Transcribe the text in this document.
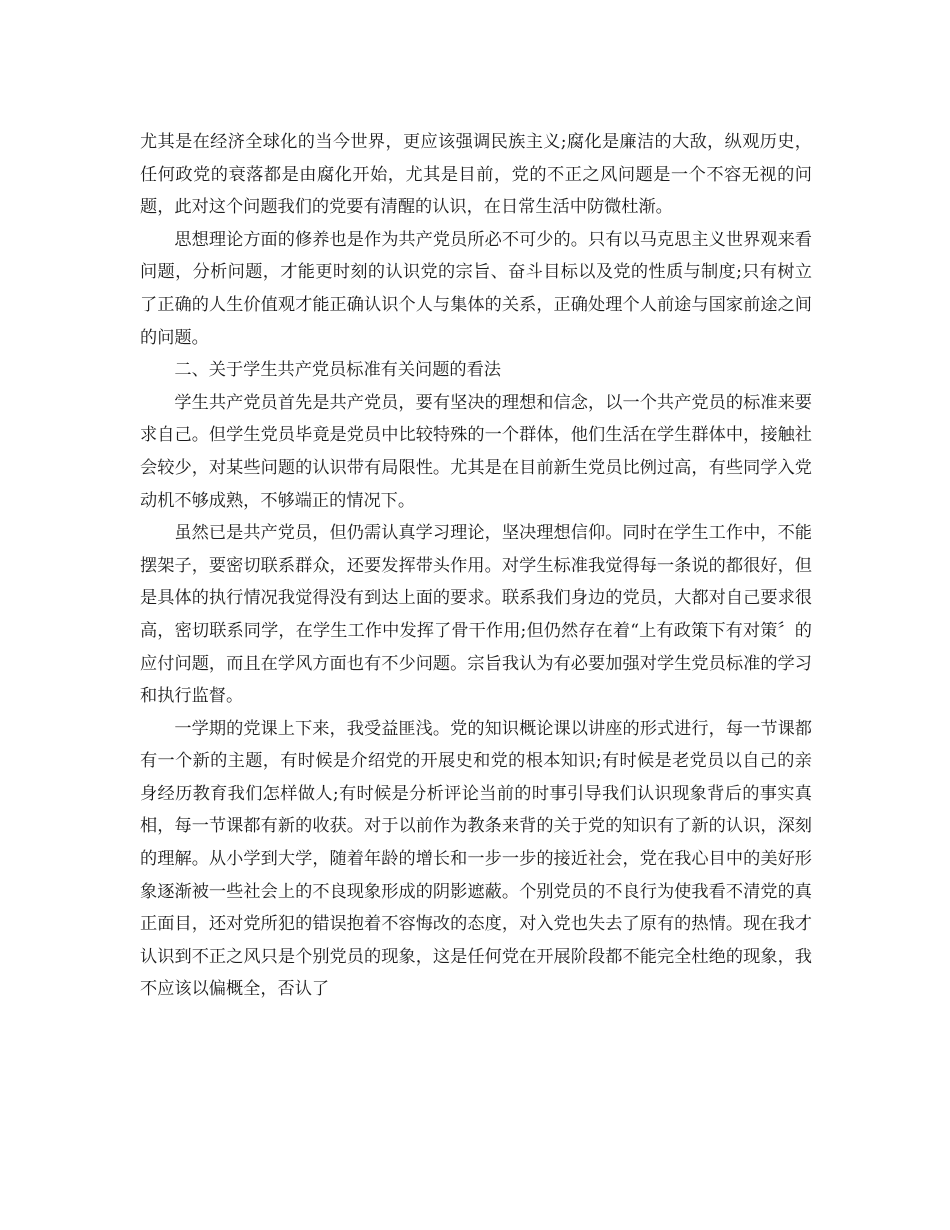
尤其是在经济全球化的当今世界，更应该强调民族主义;腐化是廉洁的大敌，纵观历史，任何政党的衰落都是由腐化开始，尤其是目前，党的不正之风问题是一个不容无视的问题，此对这个问题我们的党要有清醒的认识，在日常生活中防微杜渐。

思想理论方面的修养也是作为共产党员所必不可少的。只有以马克思主义世界观来看问题，分析问题，才能更时刻的认识党的宗旨、奋斗目标以及党的性质与制度;只有树立了正确的人生价值观才能正确认识个人与集体的关系，正确处理个人前途与国家前途之间的问题。

二、关于学生共产党员标准有关问题的看法

学生共产党员首先是共产党员，要有坚决的理想和信念，以一个共产党员的标准来要求自己。但学生党员毕竟是党员中比较特殊的一个群体，他们生活在学生群体中，接触社会较少，对某些问题的认识带有局限性。尤其是在目前新生党员比例过高，有些同学入党动机不够成熟，不够端正的情况下。

虽然已是共产党员，但仍需认真学习理论，坚决理想信仰。同时在学生工作中，不能摆架子，要密切联系群众，还要发挥带头作用。对学生标准我觉得每一条说的都很好，但是具体的执行情况我觉得没有到达上面的要求。联系我们身边的党员，大都对自己要求很高，密切联系同学，在学生工作中发挥了骨干作用;但仍然存在着“上有政策下有对策〞的应付问题，而且在学风方面也有不少问题。宗旨我认为有必要加强对学生党员标准的学习和执行监督。

一学期的党课上下来，我受益匪浅。党的知识概论课以讲座的形式进行，每一节课都有一个新的主题，有时候是介绍党的开展史和党的根本知识;有时候是老党员以自己的亲身经历教育我们怎样做人;有时候是分析评论当前的时事引导我们认识现象背后的事实真相，每一节课都有新的收获。对于以前作为教条来背的关于党的知识有了新的认识，深刻的理解。从小学到大学，随着年龄的增长和一步一步的接近社会，党在我心目中的美好形象逐渐被一些社会上的不良现象形成的阴影遮蔽。个别党员的不良行为使我看不清党的真正面目，还对党所犯的错误抱着不容悔改的态度，对入党也失去了原有的热情。现在我才认识到不正之风只是个别党员的现象，这是任何党在开展阶段都不能完全杜绝的现象，我不应该以偏概全，否认了
